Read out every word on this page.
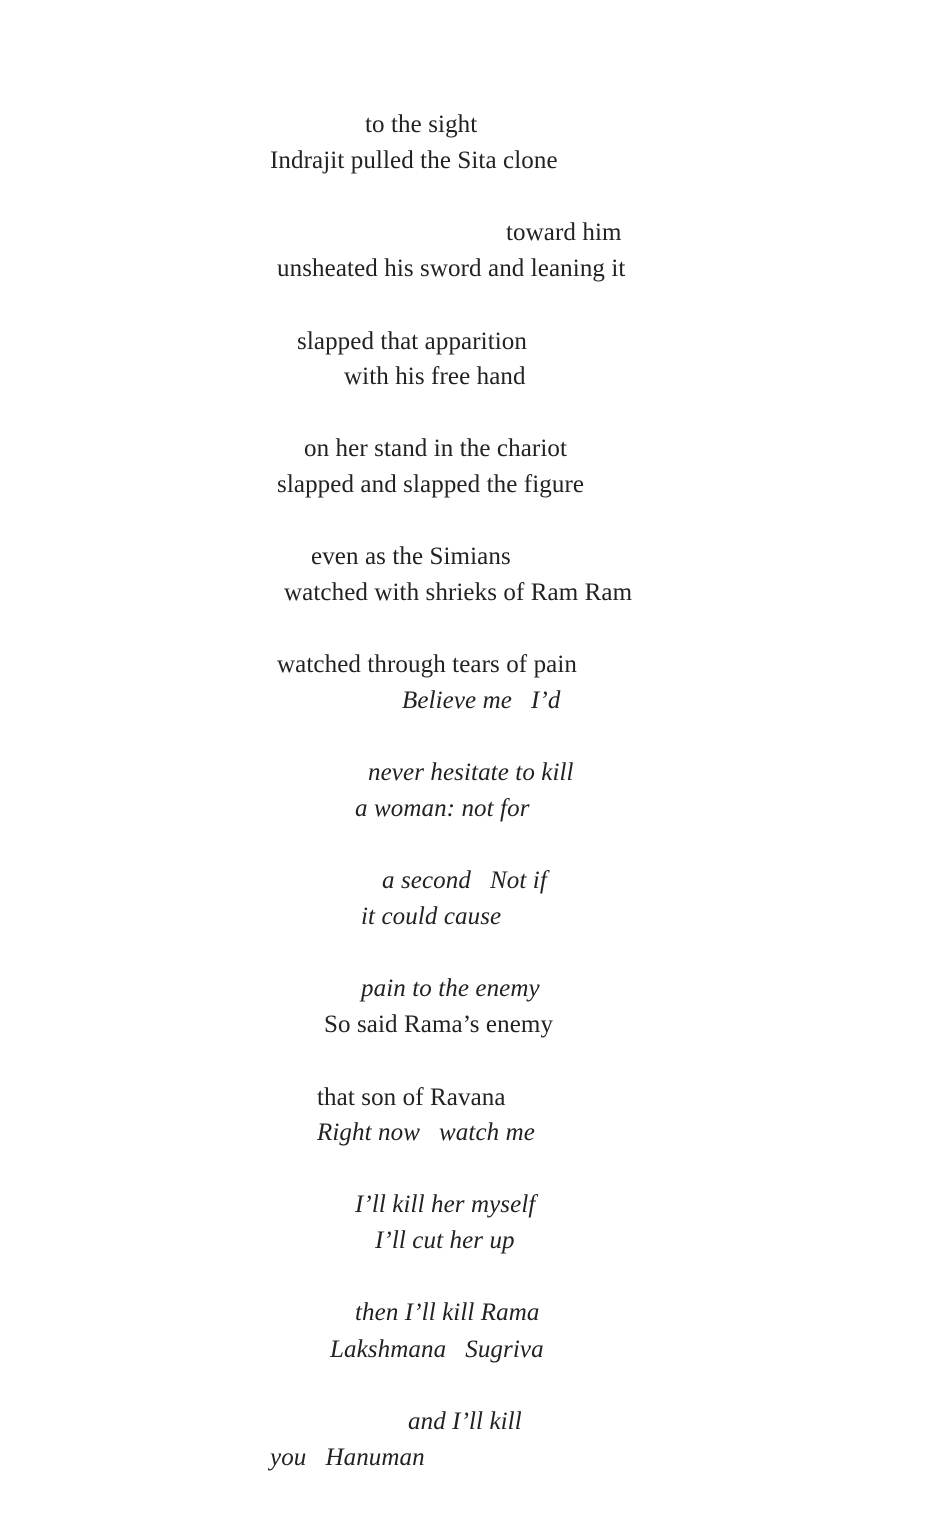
to the sight
Indrajit pulled the Sita clone
toward him
unsheated his sword and leaning it
slapped that apparition
with his free hand
on her stand in the chariot
slapped and slapped the figure
even as the Simians
watched with shrieks of Ram Ram
watched through tears of pain
Believe me   I’d
never hesitate to kill
a woman: not for
a second   Not if
it could cause
pain to the enemy
So said Rama’s enemy
that son of Ravana
Right now   watch me
I’ll kill her myself
I’ll cut her up
then I’ll kill Rama
Lakshmana   Sugriva
and I’ll kill
you   Hanuman
